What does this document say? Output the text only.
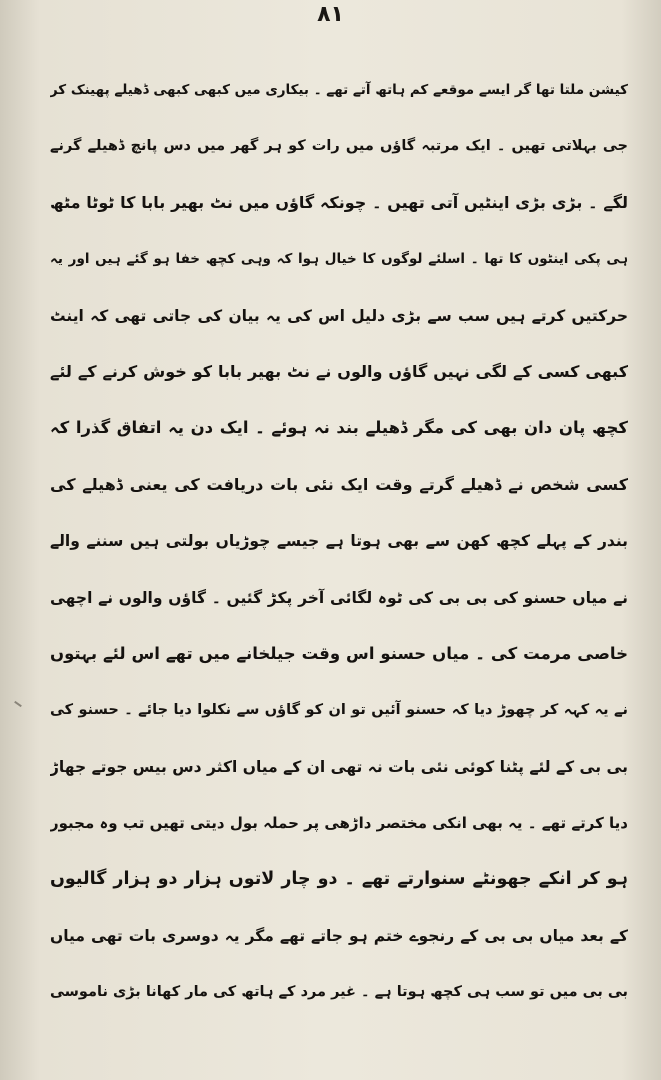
۸۱
کیشن ملتا تھا گر ایسے موقعے کم ہاتھ آتے تھے ۔ بیکاری میں کبھی کبھی ڈھیلے پھینک کر
جی بہلاتی تھیں ۔ ایک مرتبہ گاؤں میں رات کو ہر گھر میں دس پانچ ڈھیلے گرنے
لگے ۔ بڑی بڑی اینٹیں آتی تھیں ۔ چونکہ گاؤں میں نٹ بھیر بابا کا ٹوٹا مٹھ
ہی پکی اینٹوں کا تھا ۔ اسلئے لوگوں کا خیال ہوا کہ وہی کچھ خفا ہو گئے ہیں اور یہ
حرکتیں کرتے ہیں سب سے بڑی دلیل اس کی یہ بیان کی جاتی تھی کہ اینٹ
کبھی کسی کے لگی نہیں گاؤں والوں نے نٹ بھیر بابا کو خوش کرنے کے لئے
کچھ پان دان بھی کی مگر ڈھیلے بند نہ ہوئے ۔ ایک دن یہ اتفاق گذرا کہ
کسی شخص نے ڈھیلے گرتے وقت ایک نئی بات دریافت کی یعنی ڈھیلے کی
بندر کے پہلے کچھ کھن سے بھی ہوتا ہے جیسے چوڑیاں بولتی ہیں سننے والے
نے میاں حسنو کی بی بی کی ٹوہ لگائی آخر پکڑ گئیں ۔ گاؤں والوں نے اچھی
خاصی مرمت کی ۔ میاں حسنو اس وقت جیلخانے میں تھے اس لئے بہتوں
نے یہ کہہ کر چھوڑ دیا کہ حسنو آئیں تو ان کو گاؤں سے نکلوا دیا جائے ۔ حسنو کی
بی بی کے لئے پٹنا کوئی نئی بات نہ تھی ان کے میاں اکثر دس بیس جوتے جھاڑ
دیا کرتے تھے ۔ یہ بھی انکی مختصر داڑھی پر حملہ بول دیتی تھیں تب وہ مجبور
ہو کر انکے جھونٹے سنوارتے تھے ۔ دو چار لاتوں ہزار دو ہزار گالیوں
کے بعد میاں بی بی کے رنجوے ختم ہو جاتے تھے مگر یہ دوسری بات تھی میاں
بی بی میں تو سب ہی کچھ ہوتا ہے ۔ غیر مرد کے ہاتھ کی مار کھانا بڑی ناموسی
